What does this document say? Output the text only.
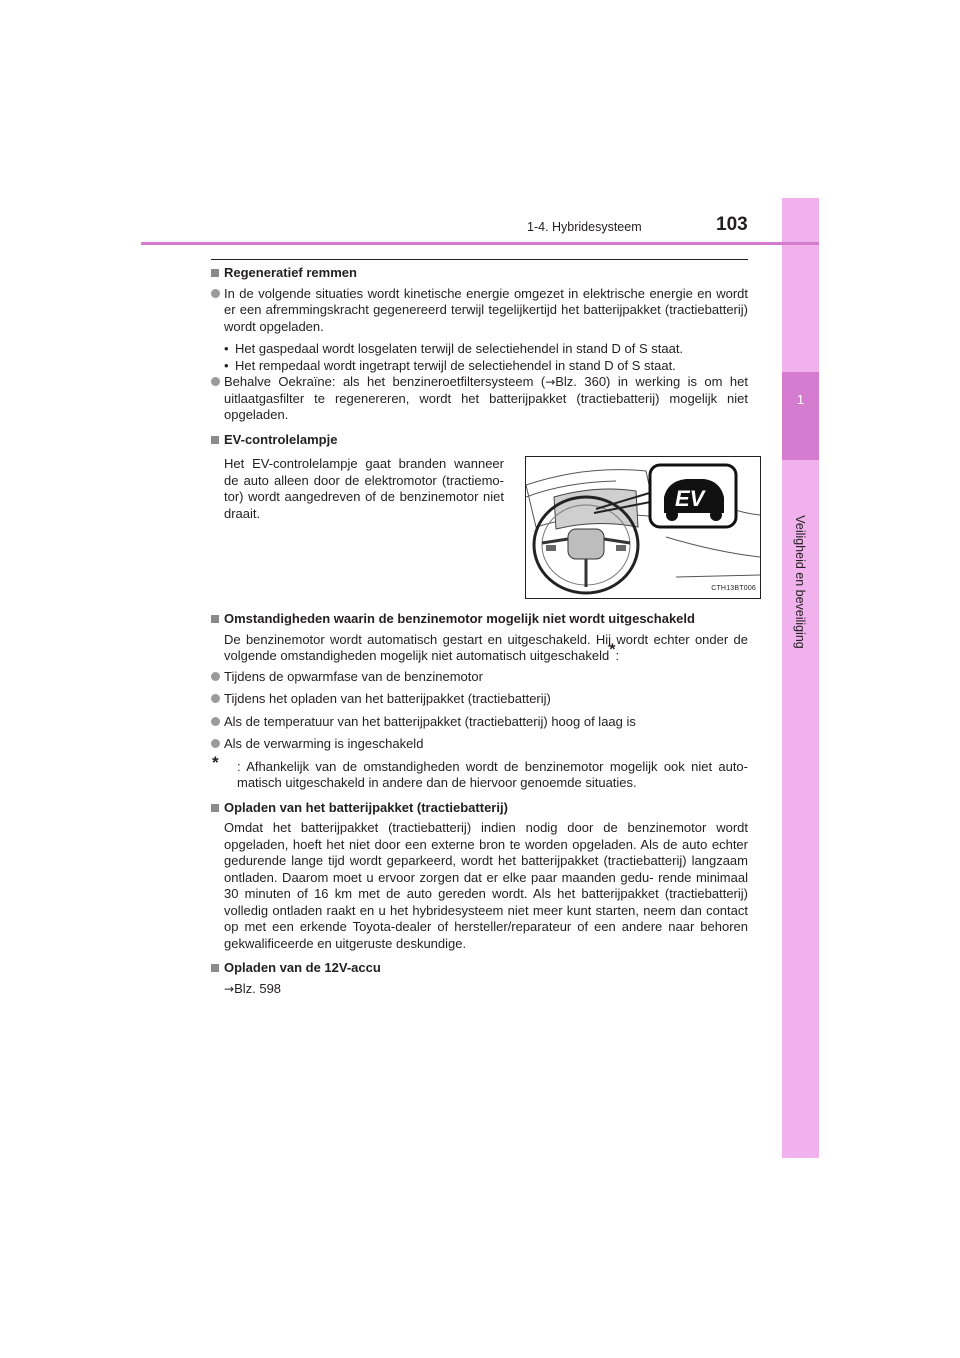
1
Veiligheid en beveiliging
1-4. Hybridesysteem	103

Regeneratief remmen

In de volgende situaties wordt kinetische energie omgezet in elektrische energie en wordt er een afremmingskracht gegenereerd terwijl tegelijkertijd het batterijpakket (tractiebatterij) wordt opgeladen.

• Het gaspedaal wordt losgelaten terwijl de selectiehendel in stand D of S staat.

• Het rempedaal wordt ingetrapt terwijl de selectiehendel in stand D of S staat.

Behalve Oekraïne: als het benzineroetfiltersysteem (→Blz. 360) in werking is om het uitlaatgasfilter te regenereren, wordt het batterijpakket (tractiebatterij) mogelijk niet opgeladen.

EV-controlelampje

Het EV-controlelampje gaat branden wanneer de auto alleen door de elektromotor (tractiemo- tor) wordt aangedreven of de benzinemotor niet draait.
EV
CTH13BT006

Omstandigheden waarin de benzinemotor mogelijk niet wordt uitgeschakeld

De benzinemotor wordt automatisch gestart en uitgeschakeld. Hij wordt echter onder de volgende omstandigheden mogelijk niet automatisch uitgeschakeld*:

Tijdens de opwarmfase van de benzinemotor

Tijdens het opladen van het batterijpakket (tractiebatterij)

Als de temperatuur van het batterijpakket (tractiebatterij) hoog of laag is

Als de verwarming is ingeschakeld

* : Afhankelijk van de omstandigheden wordt de benzinemotor mogelijk ook niet auto- matisch uitgeschakeld in andere dan de hiervoor genoemde situaties.

Opladen van het batterijpakket (tractiebatterij)

Omdat het batterijpakket (tractiebatterij) indien nodig door de benzinemotor wordt opgeladen, hoeft het niet door een externe bron te worden opgeladen. Als de auto echter gedurende lange tijd wordt geparkeerd, wordt het batterijpakket (tractiebatterij) langzaam ontladen. Daarom moet u ervoor zorgen dat er elke paar maanden gedu- rende minimaal 30 minuten of 16 km met de auto gereden wordt. Als het batterijpakket (tractiebatterij) volledig ontladen raakt en u het hybridesysteem niet meer kunt starten, neem dan contact op met een erkende Toyota-dealer of hersteller/reparateur of een andere naar behoren gekwalificeerde en uitgeruste deskundige.

Opladen van de 12V-accu

→Blz. 598
